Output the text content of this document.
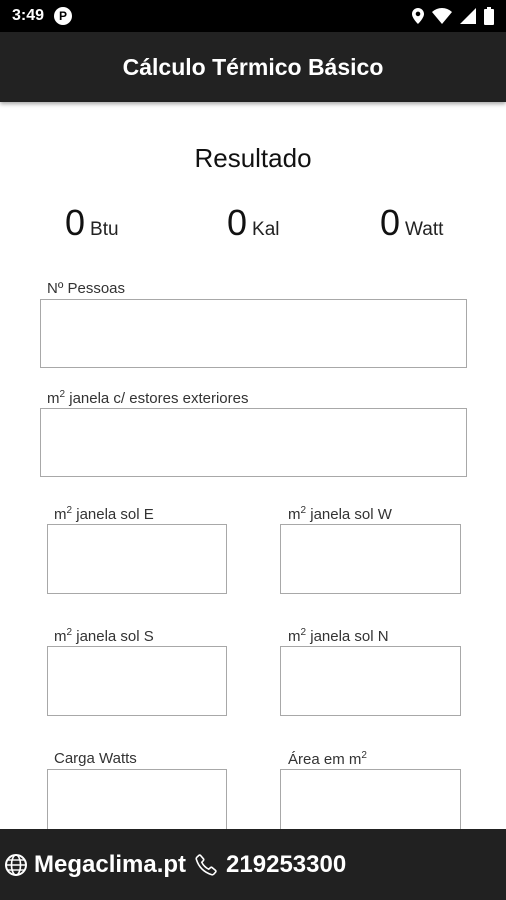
3:49	P
Cálculo Térmico Básico
Resultado
0 Btu	0 Kal	0 Watt
Nº Pessoas
$m^2$ janela c/ estores exteriores
$m^2$ janela sol E	$m^2$ janela sol W
$m^2$ janela sol S	$m^2$ janela sol N
Carga Watts	Área em $m^2$
Megaclima.pt 219253300
